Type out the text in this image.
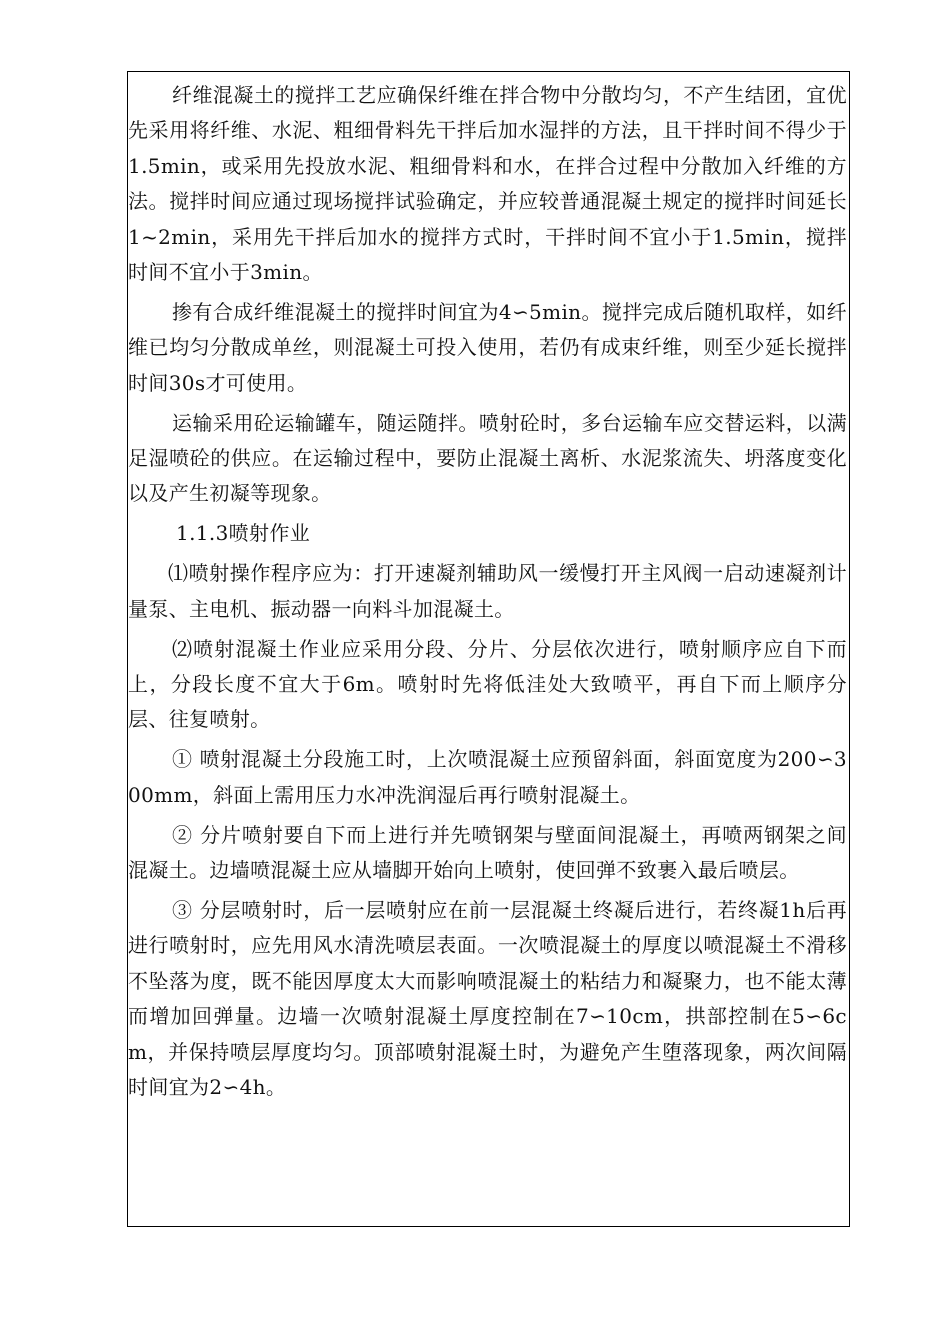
纤维混凝土的搅拌工艺应确保纤维在拌合物中分散均匀，不产生结团，宜优先采用将纤维、水泥、粗细骨料先干拌后加水湿拌的方法，且干拌时间不得少于1.5min，或采用先投放水泥、粗细骨料和水，在拌合过程中分散加入纤维的方法。搅拌时间应通过现场搅拌试验确定，并应较普通混凝土规定的搅拌时间延长1~2min，采用先干拌后加水的搅拌方式时，干拌时间不宜小于1.5min，搅拌时间不宜小于3min。

掺有合成纤维混凝土的搅拌时间宜为4∽5min。搅拌完成后随机取样，如纤维已均匀分散成单丝，则混凝土可投入使用，若仍有成束纤维，则至少延长搅拌时间30s才可使用。

运输采用砼运输罐车，随运随拌。喷射砼时，多台运输车应交替运料，以满足湿喷砼的供应。在运输过程中，要防止混凝土离析、水泥浆流失、坍落度变化以及产生初凝等现象。

1.1.3喷射作业

⑴喷射操作程序应为：打开速凝剂辅助风一缓慢打开主风阀一启动速凝剂计量泵、主电机、振动器一向料斗加混凝土。

⑵喷射混凝土作业应采用分段、分片、分层依次进行，喷射顺序应自下而上，分段长度不宜大于6m。喷射时先将低洼处大致喷平，再自下而上顺序分层、往复喷射。

① 喷射混凝土分段施工时，上次喷混凝土应预留斜面，斜面宽度为200∽300mm，斜面上需用压力水冲洗润湿后再行喷射混凝土。

② 分片喷射要自下而上进行并先喷钢架与壁面间混凝土，再喷两钢架之间混凝土。边墙喷混凝土应从墙脚开始向上喷射，使回弹不致裹入最后喷层。

③ 分层喷射时，后一层喷射应在前一层混凝土终凝后进行，若终凝1h后再进行喷射时，应先用风水清洗喷层表面。一次喷混凝土的厚度以喷混凝土不滑移不坠落为度，既不能因厚度太大而影响喷混凝土的粘结力和凝聚力，也不能太薄而增加回弹量。边墙一次喷射混凝土厚度控制在7∽10cm，拱部控制在5∽6cm，并保持喷层厚度均匀。顶部喷射混凝土时，为避免产生堕落现象，两次间隔时间宜为2∽4h。
